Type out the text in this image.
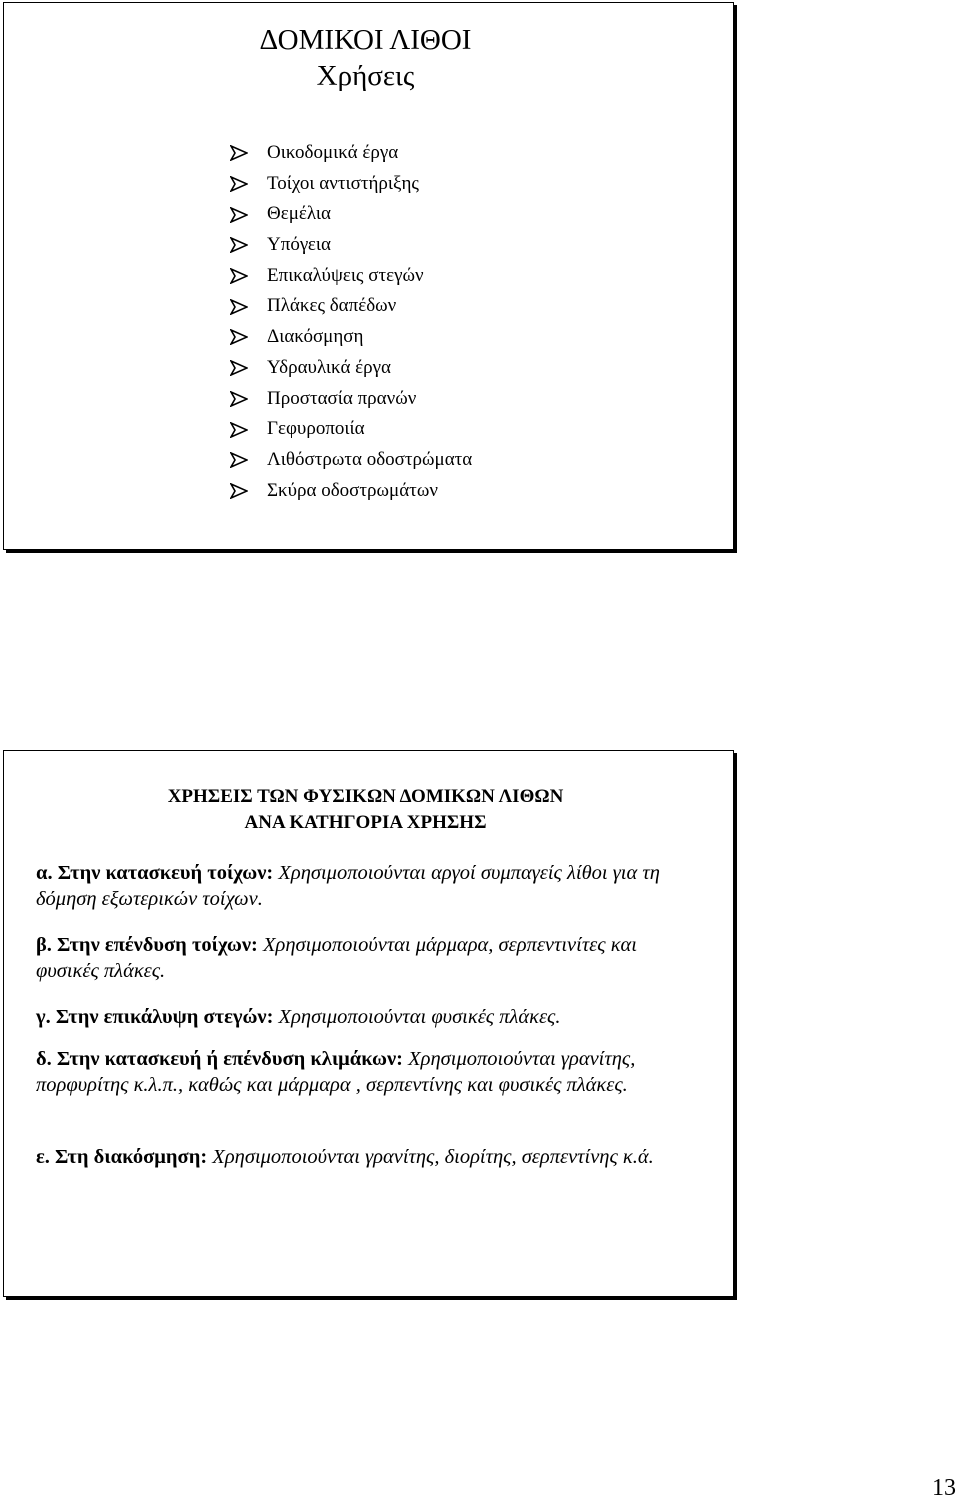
ΔΟΜΙΚΟΙ ΛΙΘΟΙ
Χρήσεις
Οικοδομικά έργα
Τοίχοι αντιστήριξης
Θεμέλια
Υπόγεια
Επικαλύψεις στεγών
Πλάκες δαπέδων
Διακόσμηση
Υδραυλικά έργα
Προστασία πρανών
Γεφυροποιία
Λιθόστρωτα οδοστρώματα
Σκύρα οδοστρωμάτων
ΧΡΗΣΕΙΣ ΤΩΝ ΦΥΣΙΚΩΝ ΔΟΜΙΚΩΝ ΛΙΘΩΝ
ΑΝΑ ΚΑΤΗΓΟΡΙΑ ΧΡΗΣΗΣ

α. Στην κατασκευή τοίχων: Χρησιμοποιούνται αργοί συμπαγείς λίθοι για τη δόμηση εξωτερικών τοίχων.

β. Στην επένδυση τοίχων: Χρησιμοποιούνται μάρμαρα, σερπεντινίτες και φυσικές πλάκες.

γ. Στην επικάλυψη στεγών: Χρησιμοποιούνται φυσικές πλάκες.

δ. Στην κατασκευή ή επένδυση κλιμάκων: Χρησιμοποιούνται γρανίτης, πορφυρίτης κ.λ.π., καθώς και μάρμαρα , σερπεντίνης και φυσικές πλάκες.

ε. Στη διακόσμηση: Χρησιμοποιούνται γρανίτης, διορίτης, σερπεντίνης κ.ά.

13
